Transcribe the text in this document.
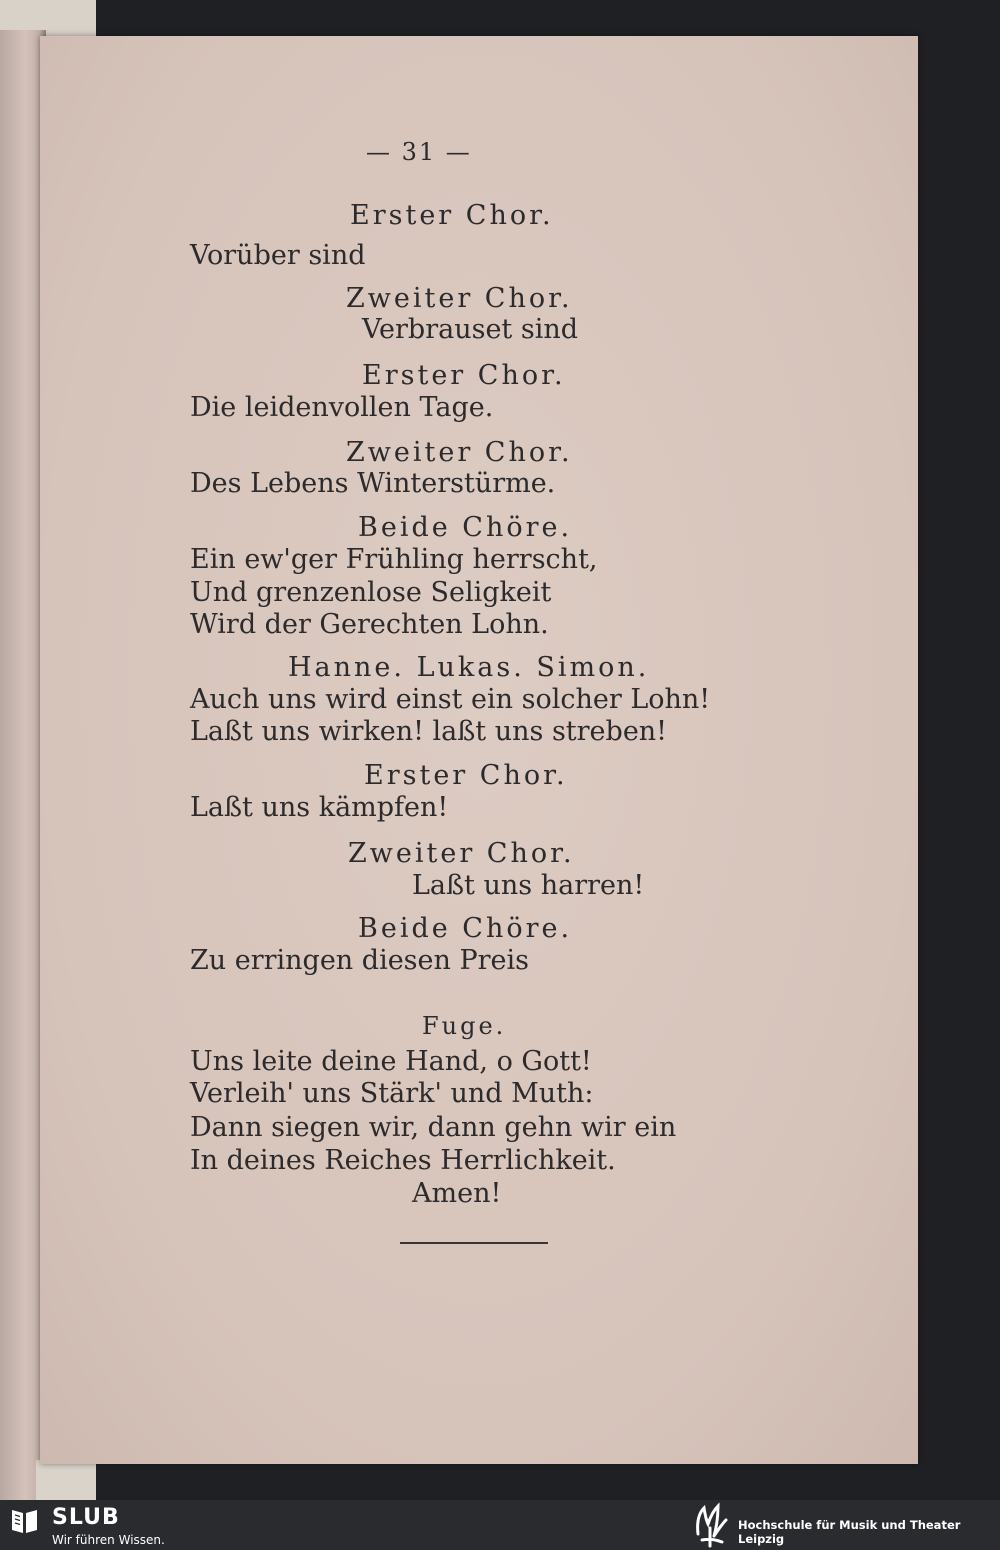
— 31 —
Erster Chor.
Vorüber sind
Zweiter Chor.
Verbrauset sind
Erster Chor.
Die leidenvollen Tage.
Zweiter Chor.
Des Lebens Winterstürme.
Beide Chöre.
Ein ew'ger Frühling herrscht,
Und grenzenlose Seligkeit
Wird der Gerechten Lohn.
Hanne. Lukas. Simon.
Auch uns wird einst ein solcher Lohn!
Laßt uns wirken! laßt uns streben!
Erster Chor.
Laßt uns kämpfen!
Zweiter Chor.
Laßt uns harren!
Beide Chöre.
Zu erringen diesen Preis
Fuge.
Uns leite deine Hand, o Gott!
Verleih' uns Stärk' und Muth:
Dann siegen wir, dann gehn wir ein
In deines Reiches Herrlichkeit.
Amen!
SLUB
Wir führen Wissen.
Hochschule für Musik und Theater Leipzig
